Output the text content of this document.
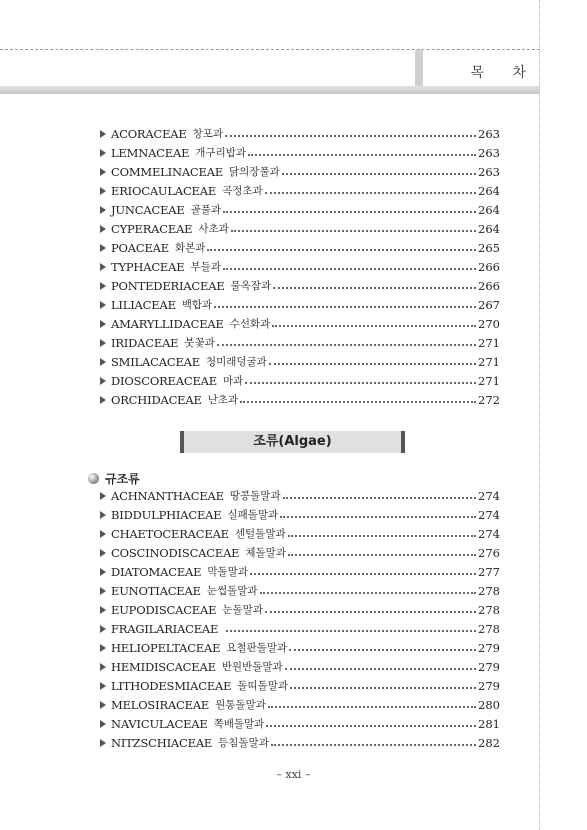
목 차
ACORACEAE 창포과	263
LEMNACEAE 개구리밥과	263
COMMELINACEAE 닭의장풀과	263
ERIOCAULACEAE 곡정초과	264
JUNCACEAE 골풀과	264
CYPERACEAE 사초과	264
POACEAE 화본과	265
TYPHACEAE 부들과	266
PONTEDERIACEAE 물옥잠과	266
LILIACEAE 백합과	267
AMARYLLIDACEAE 수선화과	270
IRIDACEAE 붓꽃과	271
SMILACACEAE 청미래덩굴과	271
DIOSCOREACEAE 마과	271
ORCHIDACEAE 난초과	272
조류(Algae)
규조류
ACHNANTHACEAE 땅콩돌말과	274
BIDDULPHIACEAE 실패돌말과	274
CHAETOCERACEAE 센털돌말과	274
COSCINODISCACEAE 체돌말과	276
DIATOMACEAE 막돌말과	277
EUNOTIACEAE 눈썹돌말과	278
EUPODISCACEAE 눈돌말과	278
FRAGILARIACEAE	278
HELIOPELTACEAE 요철판돌말과	279
HEMIDISCACEAE 반원반돌말과	279
LITHODESMIACEAE 돌띠돌말과	279
MELOSIRACEAE 원통돌말과	280
NAVICULACEAE 쪽배돌말과	281
NITZSCHIACEAE 등침돌말과	282
– xxi –
